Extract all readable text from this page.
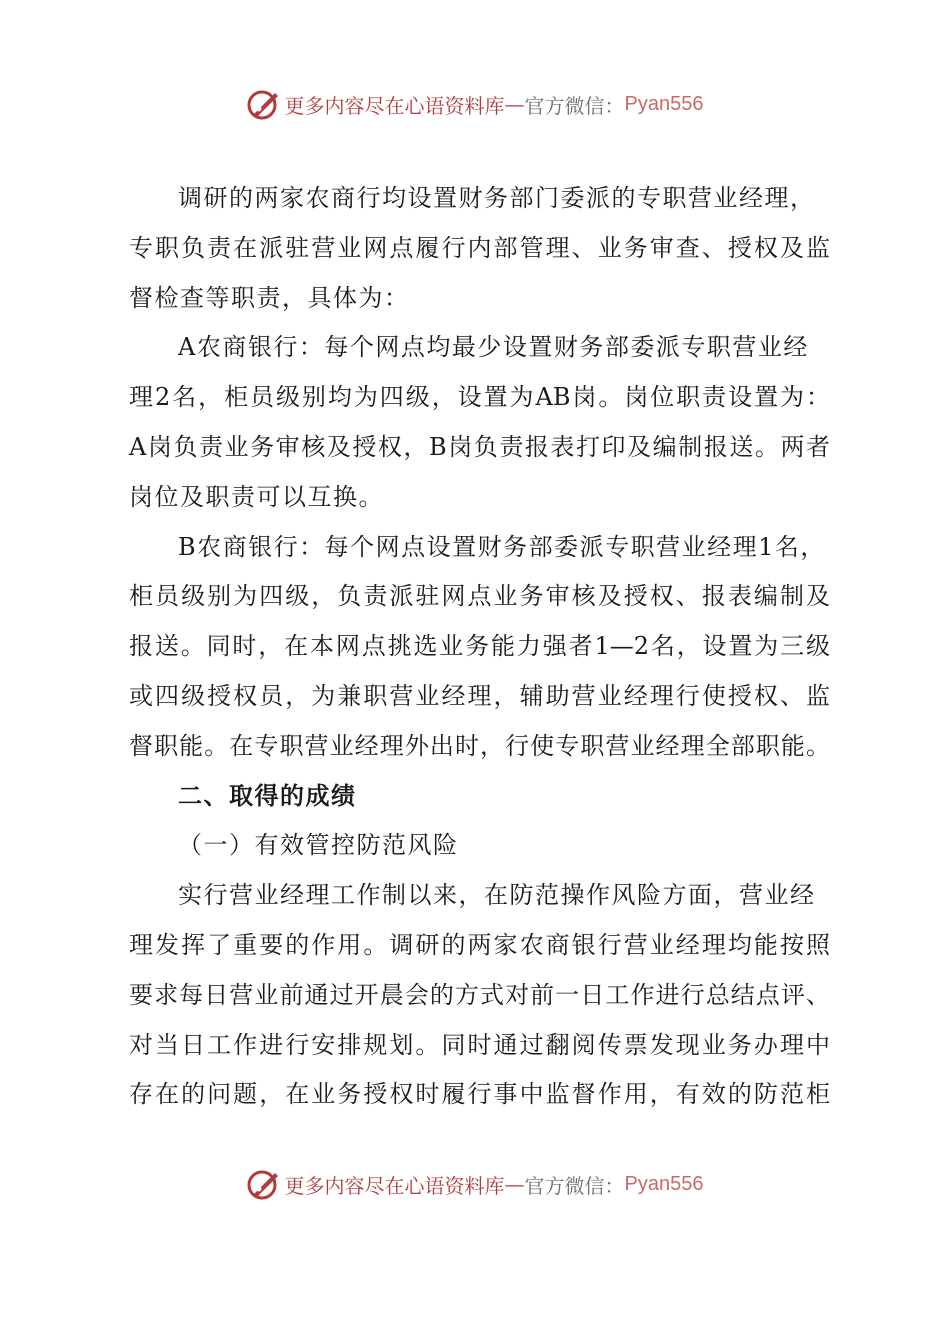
更多内容尽在心语资料库 — 官方微信： Pyan556
调研的两家农商行均设置财务部门委派的专职营业经理，
专职负责在派驻营业网点履行内部管理、业务审查、授权及监
督检查等职责，具体为：
A农商银行：每个网点均最少设置财务部委派专职营业经
理2名，柜员级别均为四级，设置为AB岗。岗位职责设置为：
A岗负责业务审核及授权，B岗负责报表打印及编制报送。两者
岗位及职责可以互换。
B农商银行：每个网点设置财务部委派专职营业经理1名，
柜员级别为四级，负责派驻网点业务审核及授权、报表编制及
报送。同时，在本网点挑选业务能力强者1—2名，设置为三级
或四级授权员，为兼职营业经理，辅助营业经理行使授权、监
督职能。在专职营业经理外出时，行使专职营业经理全部职能。
二、取得的成绩
（一）有效管控防范风险
实行营业经理工作制以来，在防范操作风险方面，营业经
理发挥了重要的作用。调研的两家农商银行营业经理均能按照
要求每日营业前通过开晨会的方式对前一日工作进行总结点评、
对当日工作进行安排规划。同时通过翻阅传票发现业务办理中
存在的问题，在业务授权时履行事中监督作用，有效的防范柜
更多内容尽在心语资料库 — 官方微信： Pyan556
